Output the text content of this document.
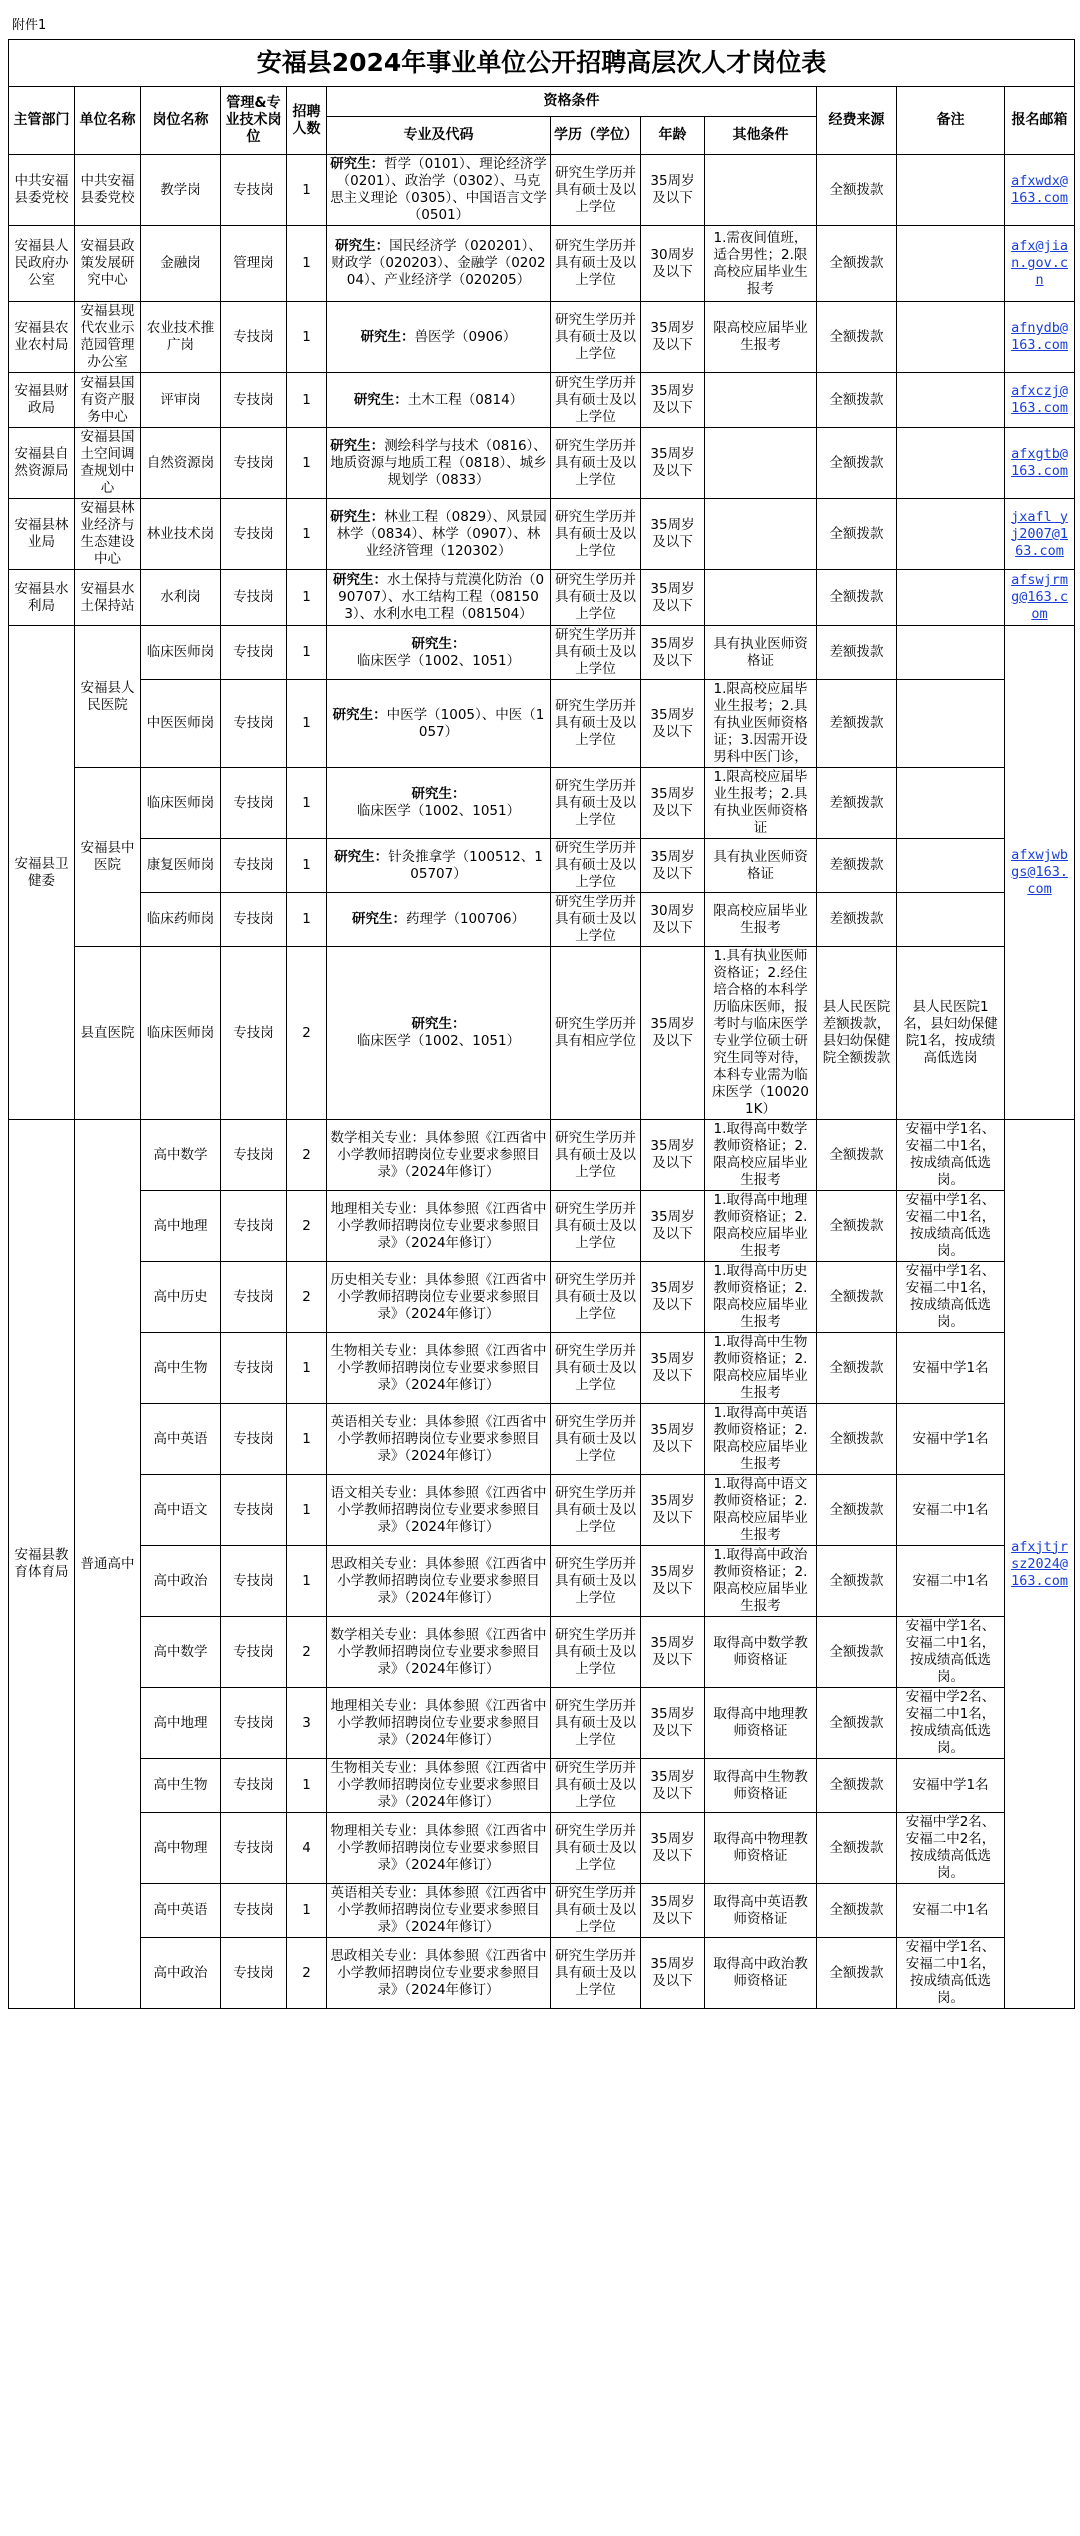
附件1
安福县2024年事业单位公开招聘高层次人才岗位表											
主管部门	单位名称	岗位名称	管理&专业技术岗位	招聘人数	资格条件				经费来源	备注	报名邮箱
					专业及代码	学历（学位）	年龄	其他条件			
中共安福县委党校	中共安福县委党校	教学岗	专技岗	1	研究生：哲学（0101）、理论经济学（0201）、政治学（0302）、马克思主义理论（0305）、中国语言文学（0501）	研究生学历并具有硕士及以上学位	35周岁及以下		全额拨款		afxwdx@163.com
安福县人民政府办公室	安福县政策发展研究中心	金融岗	管理岗	1	研究生：国民经济学（020201）、财政学（020203）、金融学（020204）、产业经济学（020205）	研究生学历并具有硕士及以上学位	30周岁及以下	1.需夜间值班，适合男性；2.限高校应届毕业生报考	全额拨款		afx@jian.gov.cn
安福县农业农村局	安福县现代农业示范园管理办公室	农业技术推广岗	专技岗	1	研究生：兽医学（0906）	研究生学历并具有硕士及以上学位	35周岁及以下	限高校应届毕业生报考	全额拨款		afnydb@163.com
安福县财政局	安福县国有资产服务中心	评审岗	专技岗	1	研究生：土木工程（0814）	研究生学历并具有硕士及以上学位	35周岁及以下		全额拨款		afxczj@163.com
安福县自然资源局	安福县国土空间调查规划中心	自然资源岗	专技岗	1	研究生：测绘科学与技术（0816）、地质资源与地质工程（0818）、城乡规划学（0833）	研究生学历并具有硕士及以上学位	35周岁及以下		全额拨款		afxgtb@163.com
安福县林业局	安福县林业经济与生态建设中心	林业技术岗	专技岗	1	研究生：林业工程（0829）、风景园林学（0834）、林学（0907）、林业经济管理（120302）	研究生学历并具有硕士及以上学位	35周岁及以下		全额拨款		jxafl yj2007@163.com
安福县水利局	安福县水土保持站	水利岗	专技岗	1	研究生：水土保持与荒漠化防治（090707）、水工结构工程（081503）、水利水电工程（081504）	研究生学历并具有硕士及以上学位	35周岁及以下		全额拨款		afswjrmg@163.com
安福县卫健委	安福县人民医院	临床医师岗	专技岗	1	研究生：临床医学（1002、1051）	研究生学历并具有硕士及以上学位	35周岁及以下	具有执业医师资格证	差额拨款		afxwjwbgs@163.com
		中医医师岗	专技岗	1	研究生：中医学（1005）、中医（1057）	研究生学历并具有硕士及以上学位	35周岁及以下	1.限高校应届毕业生报考；2.具有执业医师资格证；3.因需开设男科中医门诊，	差额拨款		
	安福县中医院	临床医师岗	专技岗	1	研究生：临床医学（1002、1051）	研究生学历并具有硕士及以上学位	35周岁及以下	1.限高校应届毕业生报考；2.具有执业医师资格证	差额拨款		
		康复医师岗	专技岗	1	研究生：针灸推拿学（100512、105707）	研究生学历并具有硕士及以上学位	35周岁及以下	具有执业医师资格证	差额拨款		
		临床药师岗	专技岗	1	研究生：药理学（100706）	研究生学历并具有硕士及以上学位	30周岁及以下	限高校应届毕业生报考	差额拨款		
	县直医院	临床医师岗	专技岗	2	研究生：临床医学（1002、1051）	研究生学历并具有相应学位	35周岁及以下	1.具有执业医师资格证；2.经住培合格的本科学历临床医师，报考时与临床医学专业学位硕士研究生同等对待，本科专业需为临床医学（100201K）	县人民医院差额拨款，县妇幼保健院全额拨款	县人民医院1名，县妇幼保健院1名，按成绩高低选岗	
安福县教育体育局	普通高中	高中数学	专技岗	2	数学相关专业：具体参照《江西省中小学教师招聘岗位专业要求参照目录》（2024年修订）	研究生学历并具有硕士及以上学位	35周岁及以下	1.取得高中数学教师资格证；2.限高校应届毕业生报考	全额拨款	安福中学1名、安福二中1名，按成绩高低选岗。	afxjtjrsz2024@163.com
		高中地理	专技岗	2	地理相关专业：具体参照《江西省中小学教师招聘岗位专业要求参照目录》（2024年修订）	研究生学历并具有硕士及以上学位	35周岁及以下	1.取得高中地理教师资格证；2.限高校应届毕业生报考	全额拨款	安福中学1名、安福二中1名，按成绩高低选岗。	
		高中历史	专技岗	2	历史相关专业：具体参照《江西省中小学教师招聘岗位专业要求参照目录》（2024年修订）	研究生学历并具有硕士及以上学位	35周岁及以下	1.取得高中历史教师资格证；2.限高校应届毕业生报考	全额拨款	安福中学1名、安福二中1名，按成绩高低选岗。	
		高中生物	专技岗	1	生物相关专业：具体参照《江西省中小学教师招聘岗位专业要求参照目录》（2024年修订）	研究生学历并具有硕士及以上学位	35周岁及以下	1.取得高中生物教师资格证；2.限高校应届毕业生报考	全额拨款	安福中学1名	
		高中英语	专技岗	1	英语相关专业：具体参照《江西省中小学教师招聘岗位专业要求参照目录》（2024年修订）	研究生学历并具有硕士及以上学位	35周岁及以下	1.取得高中英语教师资格证；2.限高校应届毕业生报考	全额拨款	安福中学1名	
		高中语文	专技岗	1	语文相关专业：具体参照《江西省中小学教师招聘岗位专业要求参照目录》（2024年修订）	研究生学历并具有硕士及以上学位	35周岁及以下	1.取得高中语文教师资格证；2.限高校应届毕业生报考	全额拨款	安福二中1名	
		高中政治	专技岗	1	思政相关专业：具体参照《江西省中小学教师招聘岗位专业要求参照目录》（2024年修订）	研究生学历并具有硕士及以上学位	35周岁及以下	1.取得高中政治教师资格证；2.限高校应届毕业生报考	全额拨款	安福二中1名	
		高中数学	专技岗	2	数学相关专业：具体参照《江西省中小学教师招聘岗位专业要求参照目录》（2024年修订）	研究生学历并具有硕士及以上学位	35周岁及以下	取得高中数学教师资格证	全额拨款	安福中学1名、安福二中1名，按成绩高低选岗。	
		高中地理	专技岗	3	地理相关专业：具体参照《江西省中小学教师招聘岗位专业要求参照目录》（2024年修订）	研究生学历并具有硕士及以上学位	35周岁及以下	取得高中地理教师资格证	全额拨款	安福中学2名、安福二中1名，按成绩高低选岗。	
		高中生物	专技岗	1	生物相关专业：具体参照《江西省中小学教师招聘岗位专业要求参照目录》（2024年修订）	研究生学历并具有硕士及以上学位	35周岁及以下	取得高中生物教师资格证	全额拨款	安福中学1名	
		高中物理	专技岗	4	物理相关专业：具体参照《江西省中小学教师招聘岗位专业要求参照目录》（2024年修订）	研究生学历并具有硕士及以上学位	35周岁及以下	取得高中物理教师资格证	全额拨款	安福中学2名、安福二中2名，按成绩高低选岗。	
		高中英语	专技岗	1	英语相关专业：具体参照《江西省中小学教师招聘岗位专业要求参照目录》（2024年修订）	研究生学历并具有硕士及以上学位	35周岁及以下	取得高中英语教师资格证	全额拨款	安福二中1名	
		高中政治	专技岗	2	思政相关专业：具体参照《江西省中小学教师招聘岗位专业要求参照目录》（2024年修订）	研究生学历并具有硕士及以上学位	35周岁及以下	取得高中政治教师资格证	全额拨款	安福中学1名、安福二中1名，按成绩高低选岗。	
